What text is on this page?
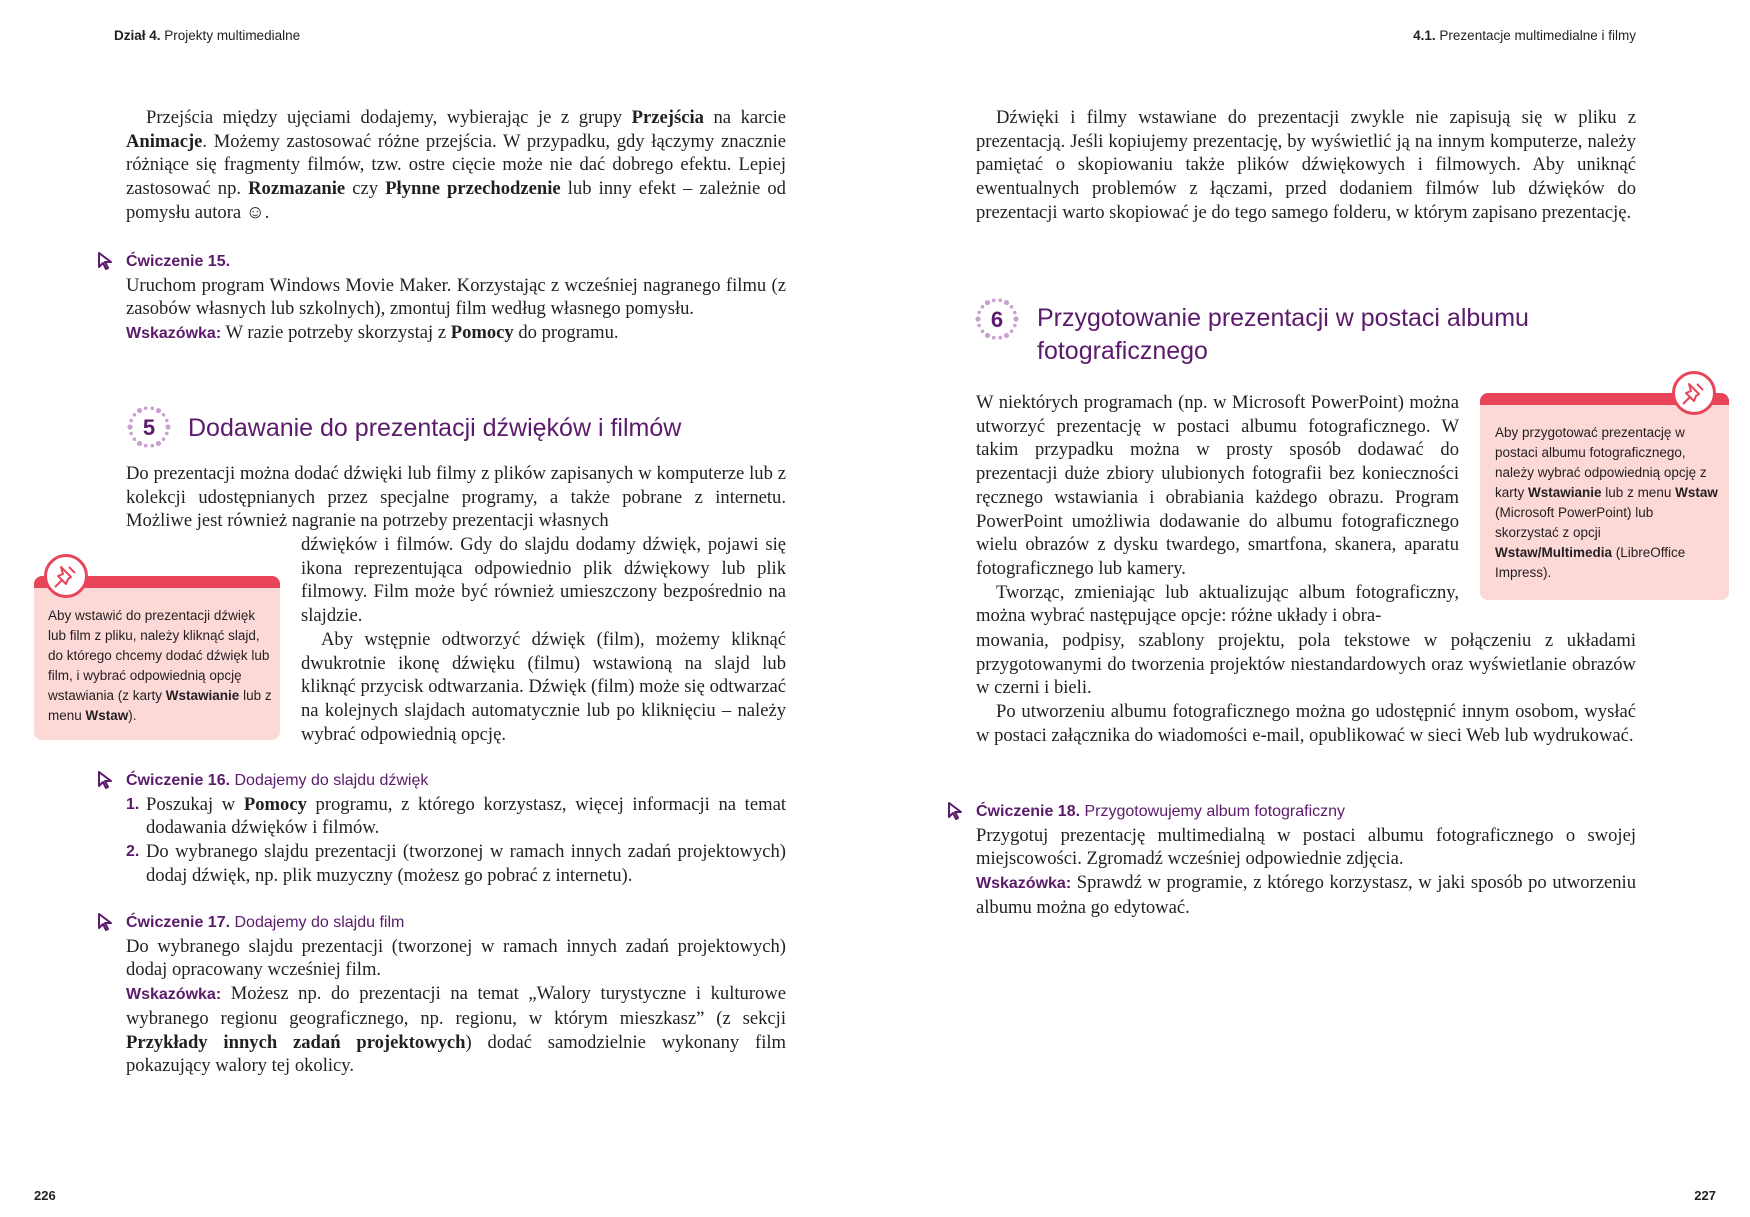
Dział 4. Projekty multimedialne	4.1. Prezentacje multimedialne i filmy

Przejścia między ujęciami dodajemy, wybierając je z grupy Przejścia na karcie Animacje. Możemy zastosować różne przejścia. W przypadku, gdy łączymy znacznie różniące się fragmenty filmów, tzw. ostre cięcie może nie dać dobrego efektu. Lepiej zastosować np. Rozmazanie czy Płynne przechodzenie lub inny efekt – zależnie od pomysłu autora ☺.

Ćwiczenie 15.

Uruchom program Windows Movie Maker. Korzystając z wcześniej nagranego filmu (z zasobów własnych lub szkolnych), zmontuj film według własnego pomysłu.

Wskazówka: W razie potrzeby skorzystaj z Pomocy do programu.

5	Dodawanie do prezentacji dźwięków i filmów

Do prezentacji można dodać dźwięki lub filmy z plików zapisanych w komputerze lub z kolekcji udostępnianych przez specjalne programy, a także pobrane z internetu. Możliwe jest również nagranie na potrzeby prezentacji własnych

dźwięków i filmów. Gdy do slajdu dodamy dźwięk, pojawi się ikona reprezentująca odpowiednio plik dźwiękowy lub plik filmowy. Film może być również umieszczony bezpośrednio na slajdzie.

Aby wstępnie odtworzyć dźwięk (film), możemy kliknąć dwukrotnie ikonę dźwięku (filmu) wstawioną na slajd lub kliknąć przycisk odtwarzania. Dźwięk (film) może się odtwarzać na kolejnych slajdach automatycznie lub po kliknięciu – należy wybrać odpowiednią opcję.

Aby wstawić do prezentacji dźwięk lub film z pliku, należy kliknąć slajd, do którego chcemy dodać dźwięk lub film, i wybrać odpowiednią opcję wstawiania (z karty Wstawianie lub z menu Wstaw).
Ćwiczenie 16. Dodajemy do slajdu dźwięk
1. Poszukaj w Pomocy programu, z którego korzystasz, więcej informacji na temat dodawania dźwięków i filmów.
2. Do wybranego slajdu prezentacji (tworzonej w ramach innych zadań projektowych) dodaj dźwięk, np. plik muzyczny (możesz go pobrać z internetu).
Ćwiczenie 17. Dodajemy do slajdu film

Do wybranego slajdu prezentacji (tworzonej w ramach innych zadań projektowych) dodaj opracowany wcześniej film.

Wskazówka: Możesz np. do prezentacji na temat „Walory turystyczne i kulturowe wybranego regionu geograficznego, np. regionu, w którym mieszkasz” (z sekcji Przykłady innych zadań projektowych) dodać samodzielnie wykonany film pokazujący walory tej okolicy.

226

Dźwięki i filmy wstawiane do prezentacji zwykle nie zapisują się w pliku z prezentacją. Jeśli kopiujemy prezentację, by wyświetlić ją na innym komputerze, należy pamiętać o skopiowaniu także plików dźwiękowych i filmowych. Aby uniknąć ewentualnych problemów z łączami, przed dodaniem filmów lub dźwięków do prezentacji warto skopiować je do tego samego folderu, w którym zapisano prezentację.

6	Przygotowanie prezentacji w postaci albumu
fotograficznego

W niektórych programach (np. w Microsoft PowerPoint) można utworzyć prezentację w postaci albumu fotograficznego. W takim przypadku można w prosty sposób dodawać do prezentacji duże zbiory ulubionych fotografii bez konieczności ręcznego wstawiania i obrabiania każdego obrazu. Program PowerPoint umożliwia dodawanie do albumu fotograficznego wielu obrazów z dysku twardego, smartfona, skanera, aparatu fotograficznego lub kamery.

Tworząc, zmieniając lub aktualizując album fotograficzny, można wybrać następujące opcje: różne układy i obra-

mowania, podpisy, szablony projektu, pola tekstowe w połączeniu z układami przygotowanymi do tworzenia projektów niestandardowych oraz wyświetlanie obrazów w czerni i bieli.

Po utworzeniu albumu fotograficznego można go udostępnić innym osobom, wysłać w postaci załącznika do wiadomości e-mail, opublikować w sieci Web lub wydrukować.

Aby przygotować prezentację w postaci albumu fotograficznego, należy wybrać odpowiednią opcję z karty Wstawianie lub z menu Wstaw (Microsoft PowerPoint) lub skorzystać z opcji Wstaw/Multimedia (LibreOffice Impress).
Ćwiczenie 18. Przygotowujemy album fotograficzny

Przygotuj prezentację multimedialną w postaci albumu fotograficznego o swojej miejscowości. Zgromadź wcześniej odpowiednie zdjęcia.

Wskazówka: Sprawdź w programie, z którego korzystasz, w jaki sposób po utworzeniu albumu można go edytować.

227
